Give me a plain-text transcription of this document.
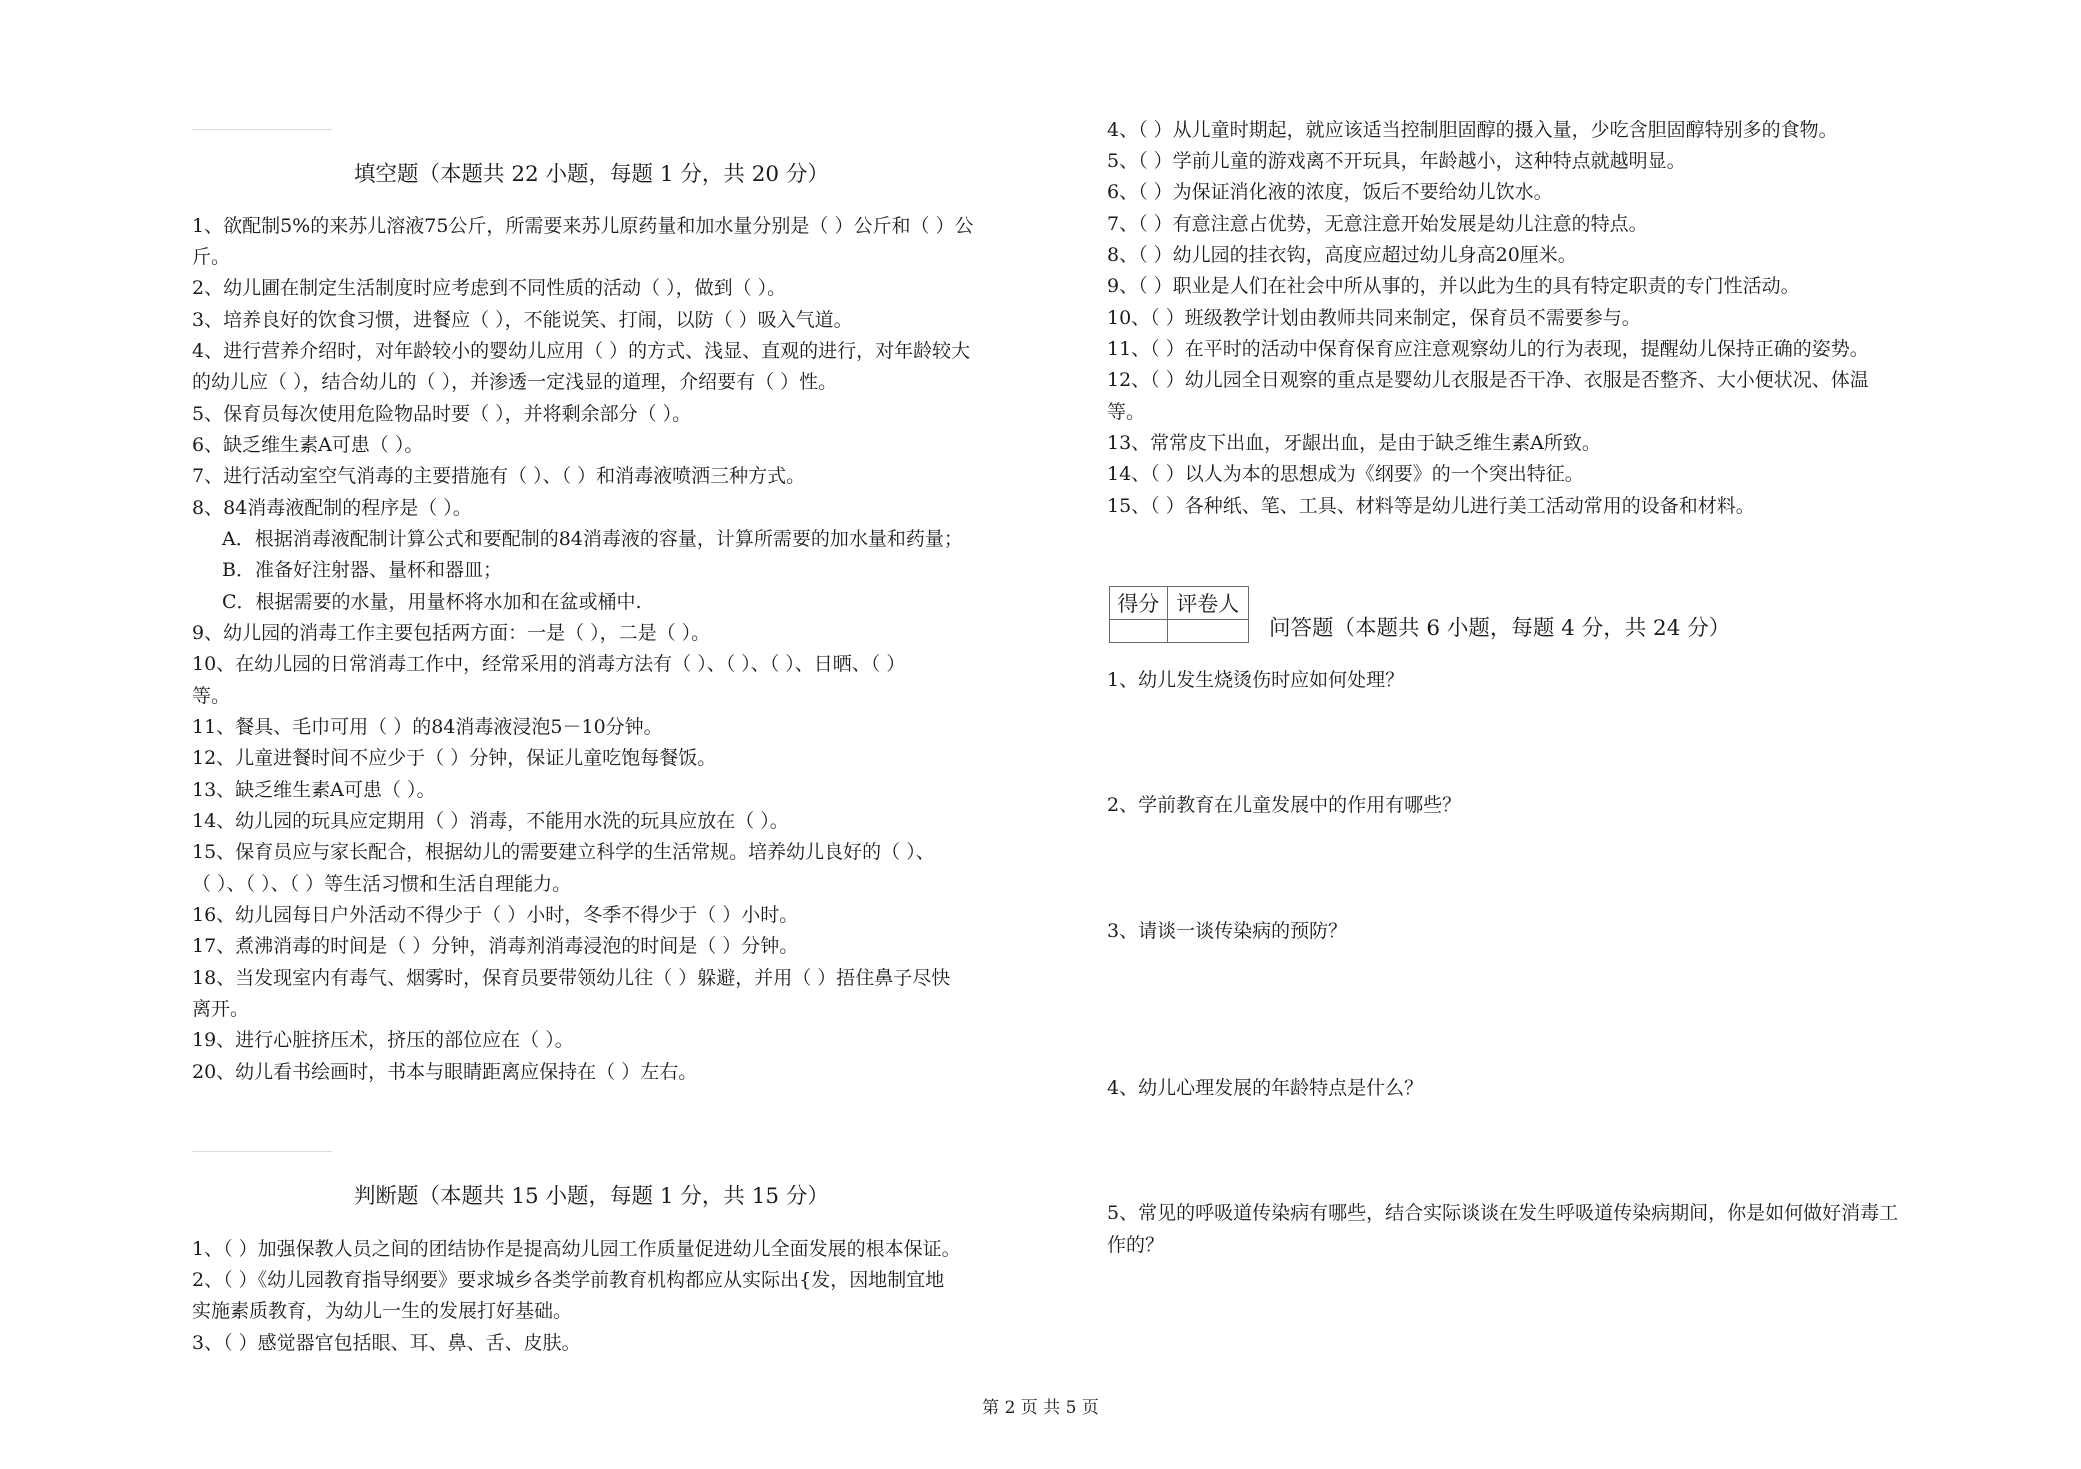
填空题（本题共 22 小题，每题 1 分，共 20 分）
1、欲配制5%的来苏儿溶液75公斤，所需要来苏儿原药量和加水量分别是（ ）公斤和（ ）公
斤。
2、幼儿圃在制定生活制度时应考虑到不同性质的活动（ ），做到（ ）。
3、培养良好的饮食习惯，进餐应（ ），不能说笑、打闹，以防（ ）吸入气道。
4、进行营养介绍时，对年龄较小的婴幼儿应用（ ）的方式、浅显、直观的进行，对年龄较大
的幼儿应（ ），结合幼儿的（ ），并渗透一定浅显的道理，介绍要有（ ）性。
5、保育员每次使用危险物品时要（ ），并将剩余部分（ ）。
6、缺乏维生素A可患（ ）。
7、进行活动室空气消毒的主要措施有（ ）、（ ）和消毒液喷洒三种方式。
8、84消毒液配制的程序是（ ）。
A．根据消毒液配制计算公式和要配制的84消毒液的容量，计算所需要的加水量和药量；
B．准备好注射器、量杯和器皿；
C．根据需要的水量，用量杯将水加和在盆或桶中.
9、幼儿园的消毒工作主要包括两方面：一是（ ），二是（ ）。
10、在幼儿园的日常消毒工作中，经常采用的消毒方法有（ ）、（ ）、（ ）、日晒、（ ）
等。
11、餐具、毛巾可用（ ）的84消毒液浸泡5－10分钟。
12、儿童进餐时间不应少于（ ）分钟，保证儿童吃饱每餐饭。
13、缺乏维生素A可患（ ）。
14、幼儿园的玩具应定期用（ ）消毒，不能用水洗的玩具应放在（ ）。
15、保育员应与家长配合，根据幼儿的需要建立科学的生活常规。培养幼儿良好的（ ）、
（ ）、（ ）、（ ）等生活习惯和生活自理能力。
16、幼儿园每日户外活动不得少于（ ）小时，冬季不得少于（ ）小时。
17、煮沸消毒的时间是（ ）分钟，消毒剂消毒浸泡的时间是（ ）分钟。
18、当发现室内有毒气、烟雾时，保育员要带领幼儿往（ ）躲避，并用（ ）捂住鼻子尽快
离开。
19、进行心脏挤压术，挤压的部位应在（ ）。
20、幼儿看书绘画时，书本与眼睛距离应保持在（ ）左右。
判断题（本题共 15 小题，每题 1 分，共 15 分）
1、（ ）加强保教人员之间的团结协作是提高幼儿园工作质量促进幼儿全面发展的根本保证。
2、（ ）《幼儿园教育指导纲要》要求城乡各类学前教育机构都应从实际出{发，因地制宜地
实施素质教育，为幼儿一生的发展打好基础。
3、（ ）感觉器官包括眼、耳、鼻、舌、皮肤。
4、（ ）从儿童时期起，就应该适当控制胆固醇的摄入量，少吃含胆固醇特别多的食物。
5、（ ）学前儿童的游戏离不开玩具，年龄越小，这种特点就越明显。
6、（ ）为保证消化液的浓度，饭后不要给幼儿饮水。
7、（ ）有意注意占优势，无意注意开始发展是幼儿注意的特点。
8、（ ）幼儿园的挂衣钩，高度应超过幼儿身高20厘米。
9、（ ）职业是人们在社会中所从事的，并以此为生的具有特定职责的专门性活动。
10、（ ）班级教学计划由教师共同来制定，保育员不需要参与。
11、（ ）在平时的活动中保育保育应注意观察幼儿的行为表现，提醒幼儿保持正确的姿势。
12、（ ）幼儿园全日观察的重点是婴幼儿衣服是否干净、衣服是否整齐、大小便状况、体温
等。
13、常常皮下出血，牙龈出血，是由于缺乏维生素A所致。
14、（ ）以人为本的思想成为《纲要》的一个突出特征。
15、（ ）各种纸、笔、工具、材料等是幼儿进行美工活动常用的设备和材料。
问答题（本题共 6 小题，每题 4 分，共 24 分）
1、幼儿发生烧烫伤时应如何处理？
2、学前教育在儿童发展中的作用有哪些？
3、请谈一谈传染病的预防？
4、幼儿心理发展的年龄特点是什么？
5、常见的呼吸道传染病有哪些，结合实际谈谈在发生呼吸道传染病期间，你是如何做好消毒工
作的？
得分	评卷人

第 2 页 共 5 页
